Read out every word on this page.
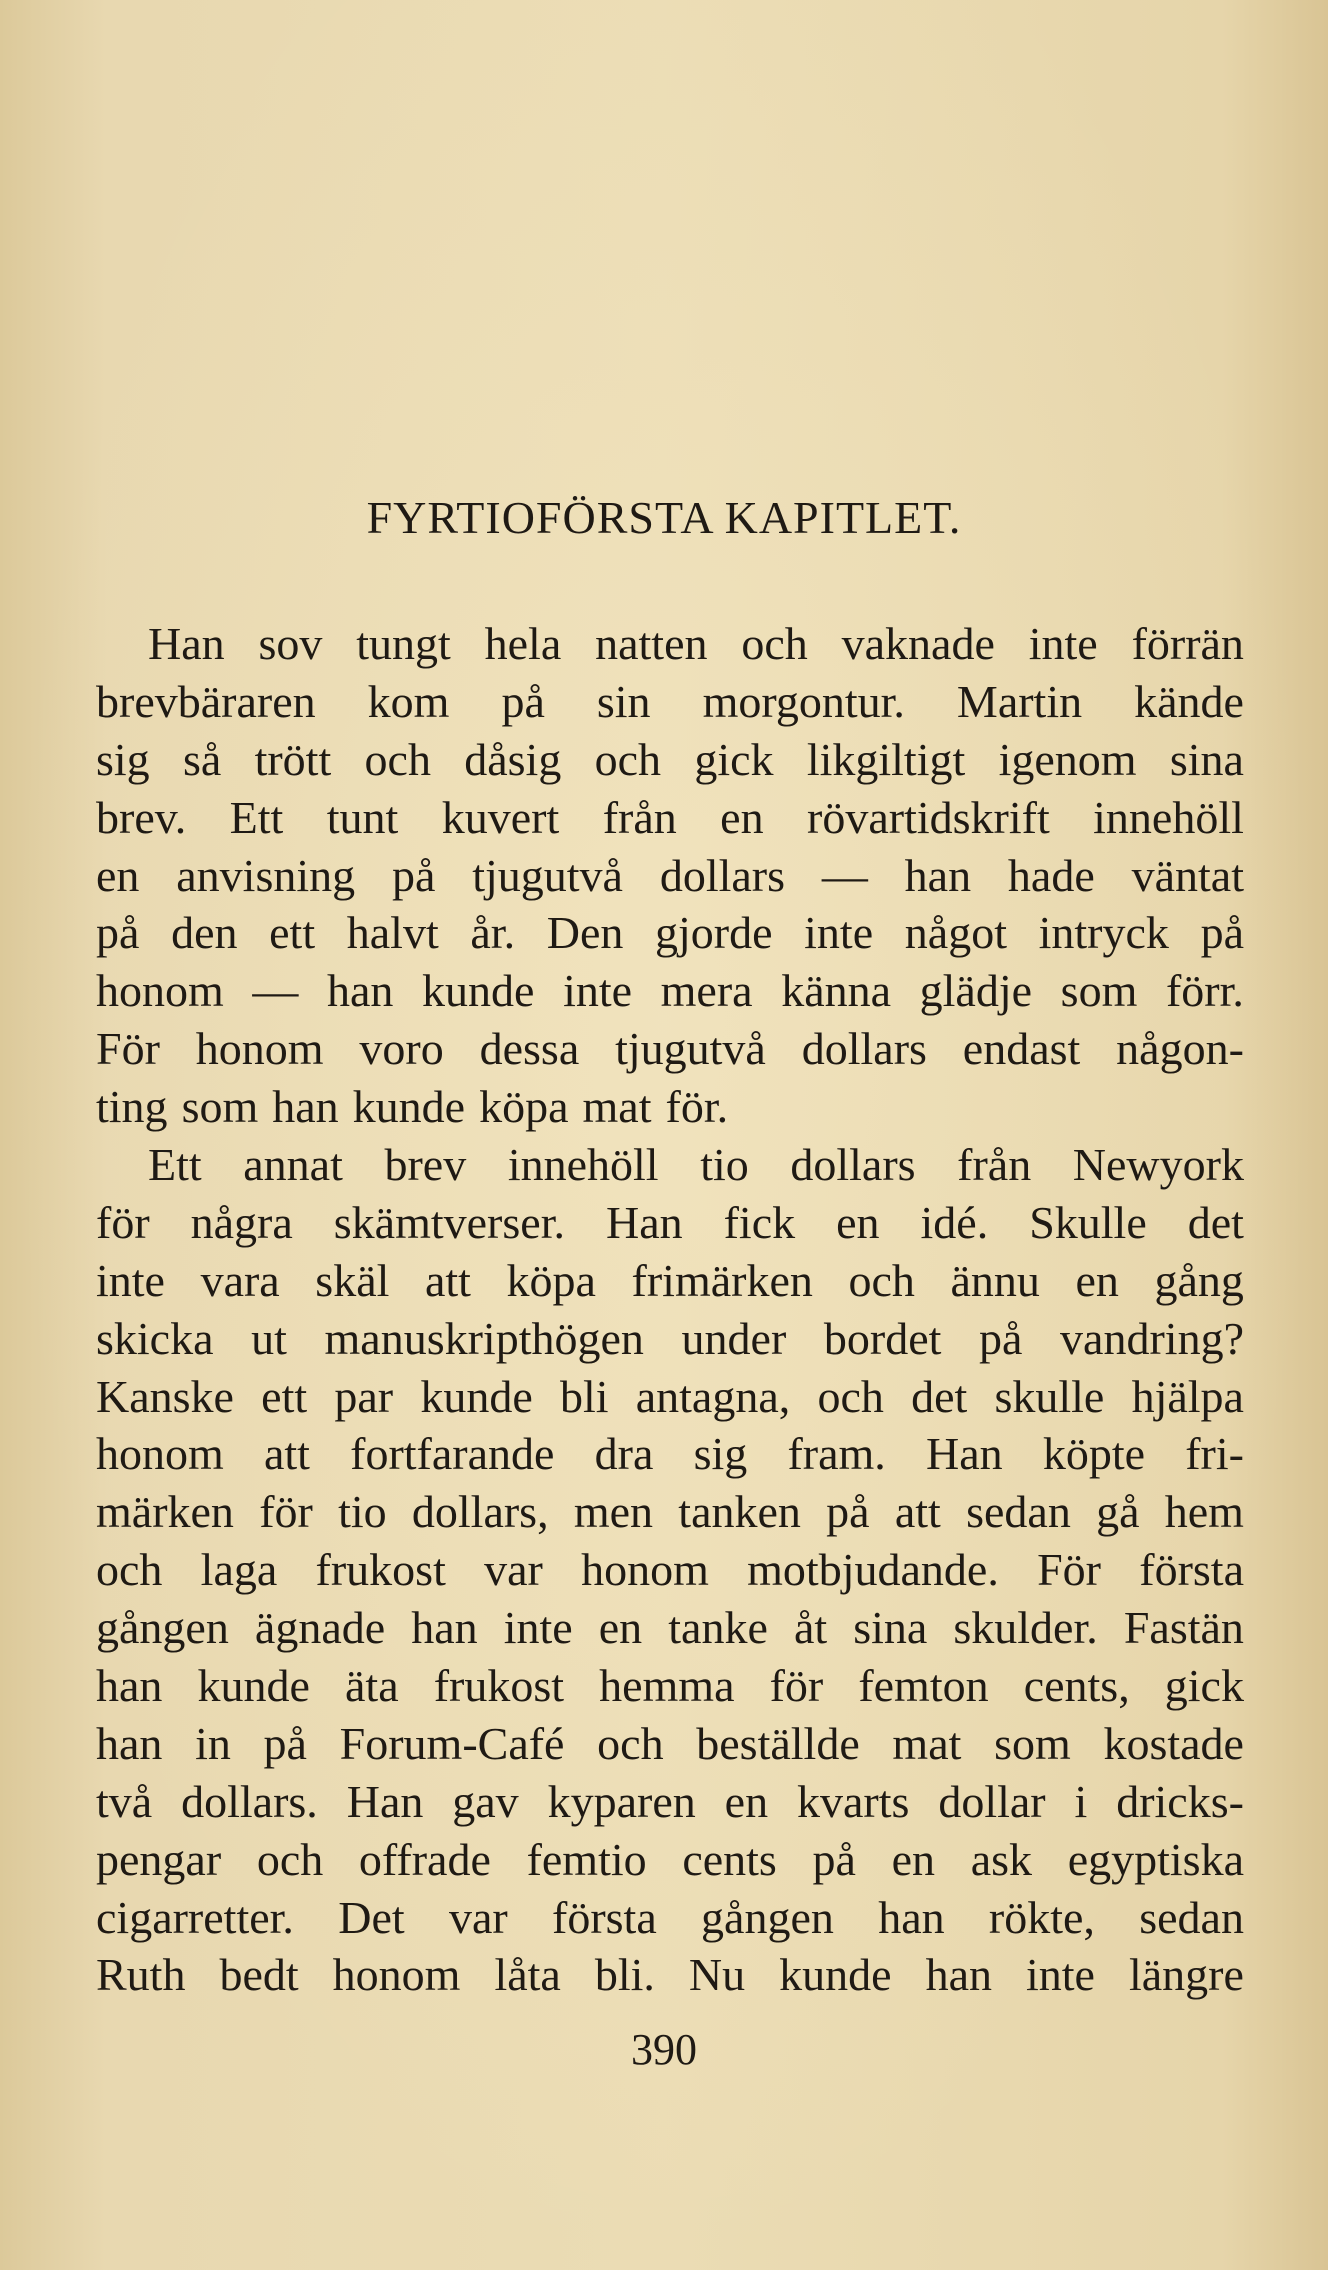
FYRTIOFÖRSTA KAPITLET.
Han sov tungt hela natten och vaknade inte förrän
brevbäraren kom på sin morgontur. Martin kände
sig så trött och dåsig och gick likgiltigt igenom sina
brev. Ett tunt kuvert från en rövartidskrift innehöll
en anvisning på tjugutvå dollars — han hade väntat
på den ett halvt år. Den gjorde inte något intryck på
honom — han kunde inte mera känna glädje som förr.
För honom voro dessa tjugutvå dollars endast någon-
ting som han kunde köpa mat för.
Ett annat brev innehöll tio dollars från Newyork
för några skämtverser. Han fick en idé. Skulle det
inte vara skäl att köpa frimärken och ännu en gång
skicka ut manuskripthögen under bordet på vandring?
Kanske ett par kunde bli antagna, och det skulle hjälpa
honom att fortfarande dra sig fram. Han köpte fri-
märken för tio dollars, men tanken på att sedan gå hem
och laga frukost var honom motbjudande. För första
gången ägnade han inte en tanke åt sina skulder. Fastän
han kunde äta frukost hemma för femton cents, gick
han in på Forum-Café och beställde mat som kostade
två dollars. Han gav kyparen en kvarts dollar i dricks-
pengar och offrade femtio cents på en ask egyptiska
cigarretter. Det var första gången han rökte, sedan
Ruth bedt honom låta bli. Nu kunde han inte längre
390
